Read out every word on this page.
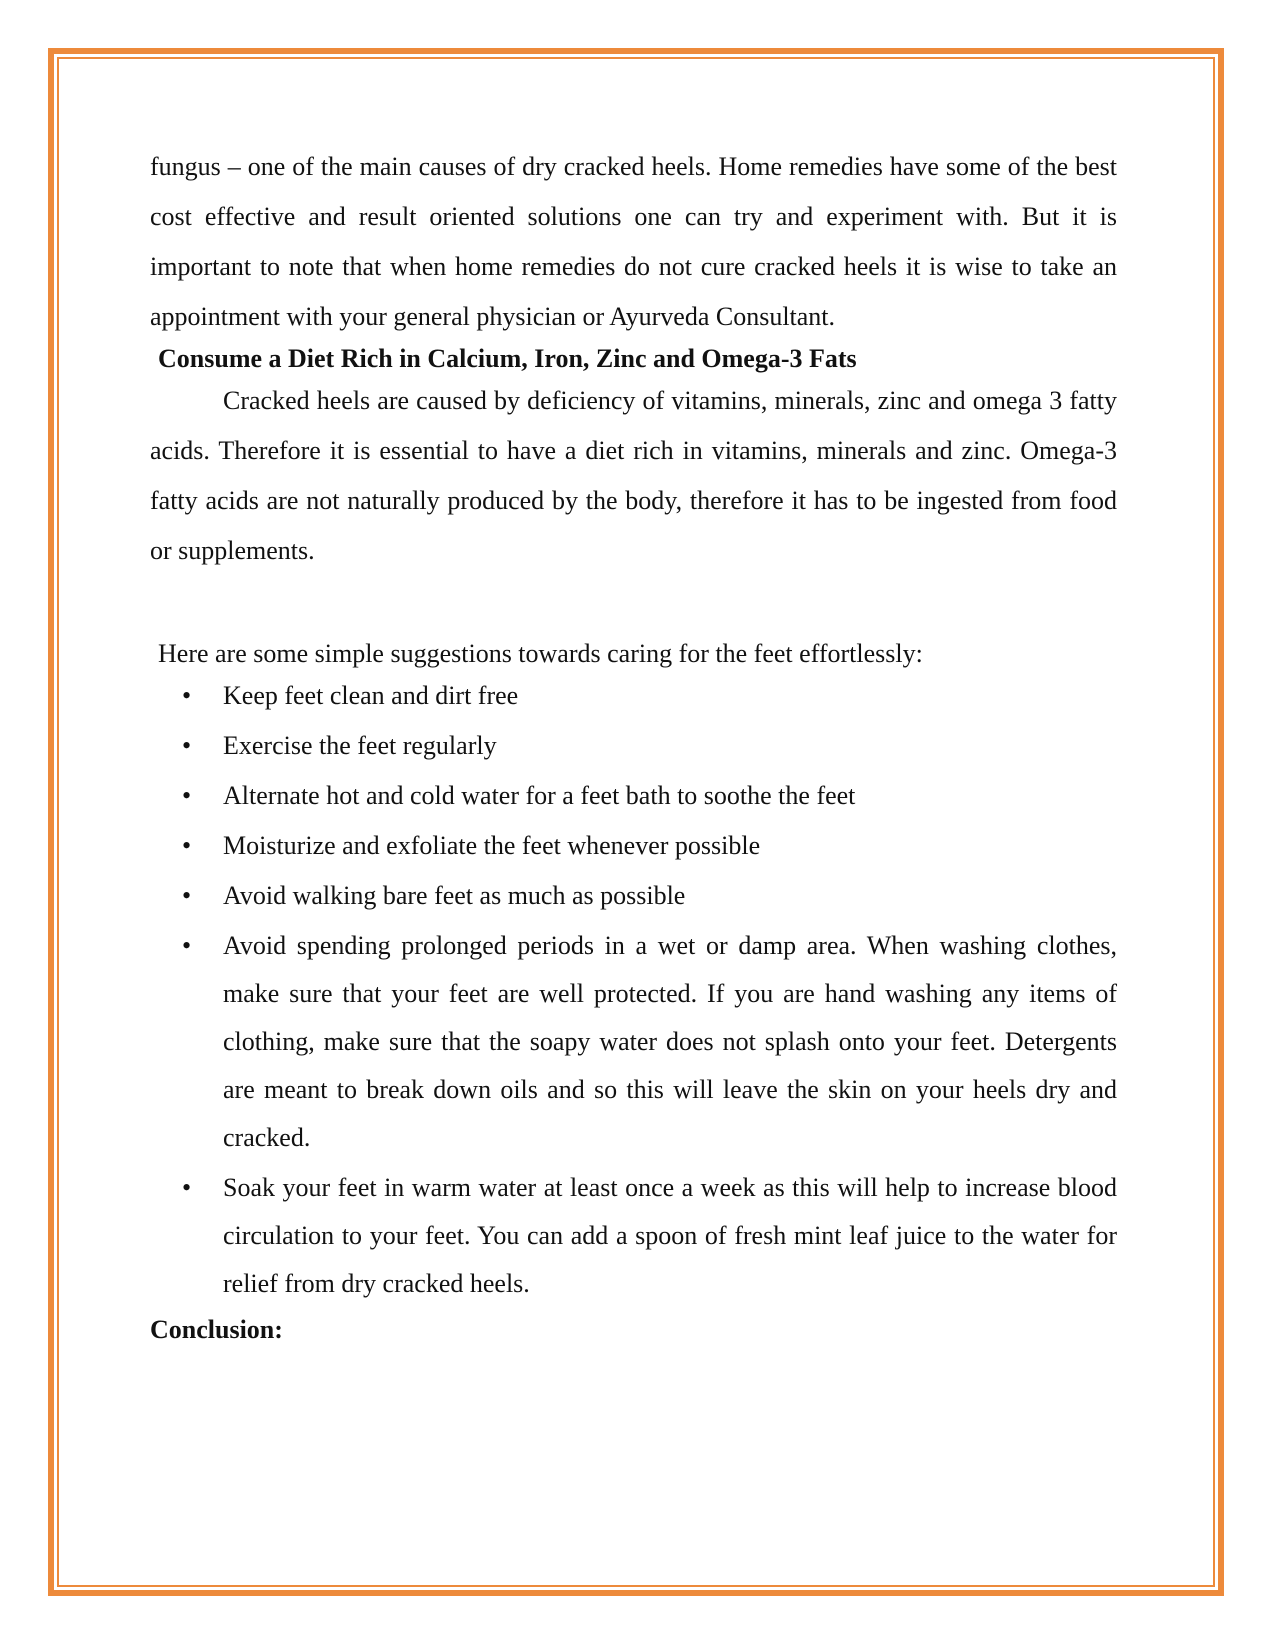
fungus – one of the main causes of dry cracked heels. Home remedies have some of the best cost effective and result oriented solutions one can try and experiment with. But it is important to note that when home remedies do not cure cracked heels it is wise to take an appointment with your general physician or Ayurveda Consultant.

Consume a Diet Rich in Calcium, Iron, Zinc and Omega-3 Fats

Cracked heels are caused by deficiency of vitamins, minerals, zinc and omega 3 fatty acids. Therefore it is essential to have a diet rich in vitamins, minerals and zinc. Omega-3 fatty acids are not naturally produced by the body, therefore it has to be ingested from food or supplements.

Here are some simple suggestions towards caring for the feet effortlessly:

• Keep feet clean and dirt free
• Exercise the feet regularly
• Alternate hot and cold water for a feet bath to soothe the feet
• Moisturize and exfoliate the feet whenever possible
• Avoid walking bare feet as much as possible
• Avoid spending prolonged periods in a wet or damp area. When washing clothes, make sure that your feet are well protected. If you are hand washing any items of clothing, make sure that the soapy water does not splash onto your feet. Detergents are meant to break down oils and so this will leave the skin on your heels dry and cracked.
• Soak your feet in warm water at least once a week as this will help to increase blood circulation to your feet. You can add a spoon of fresh mint leaf juice to the water for relief from dry cracked heels.

Conclusion:
